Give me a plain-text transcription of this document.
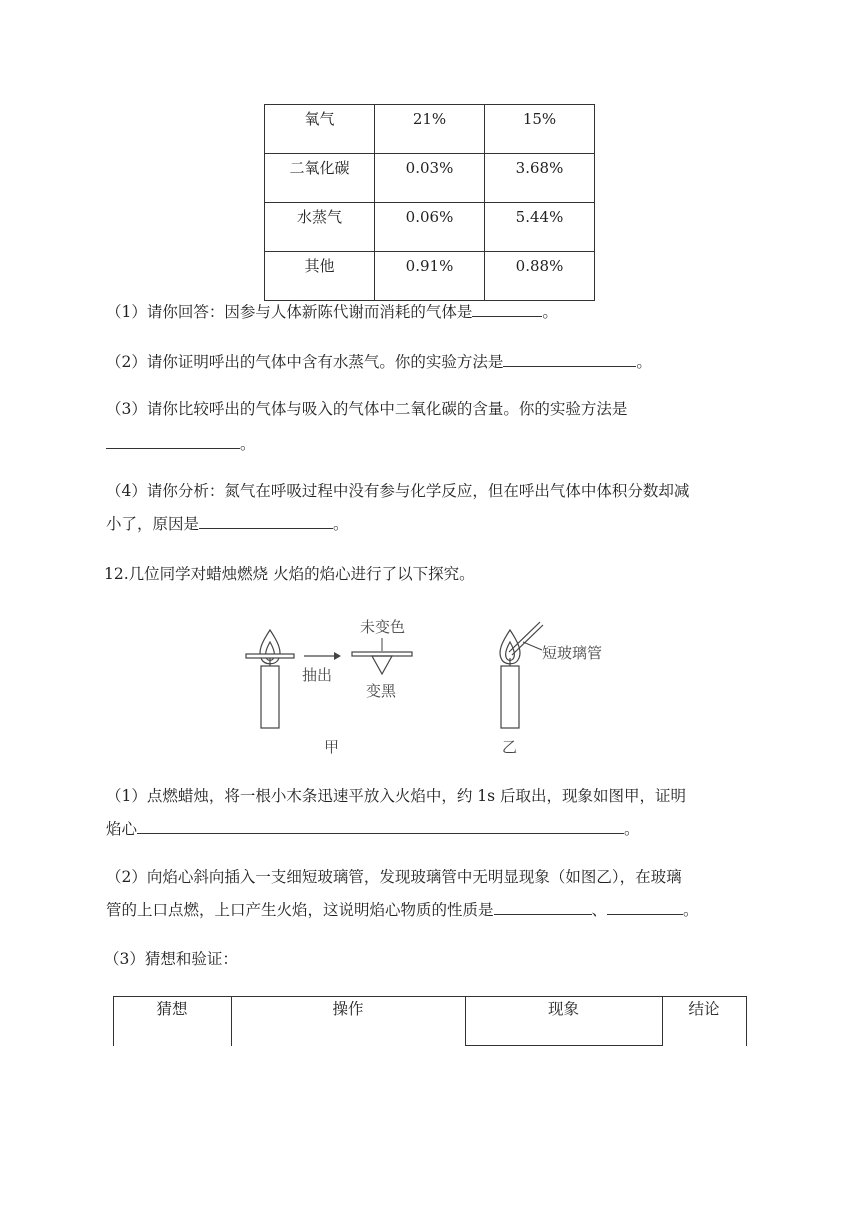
氧气	21%	15%

二氧化碳	0.03%	3.68%

水蒸气	0.06%	5.44%

其他	0.91%	0.88%
（1）请你回答：因参与人体新陈代谢而消耗的气体是	。
（2）请你证明呼出的气体中含有水蒸气。你的实验方法是	。
（3）请你比较呼出的气体与吸入的气体中二氧化碳的含量。你的实验方法是
。
（4）请你分析：氮气在呼吸过程中没有参与化学反应，但在呼出气体中体积分数却减
小了，原因是	。
12.几位同学对蜡烛燃烧 火焰的焰心进行了以下探究。
抽出
未变色
变黑
短玻璃管
甲	乙
（1）点燃蜡烛，将一根小木条迅速平放入火焰中，约 1s 后取出，现象如图甲，证明
焰心	。
（2）向焰心斜向插入一支细短玻璃管，发现玻璃管中无明显现象（如图乙），在玻璃
管的上口点燃，上口产生火焰，这说明焰心物质的性质是	、	。
（3）猜想和验证：
猜想	操作	现象	结论
